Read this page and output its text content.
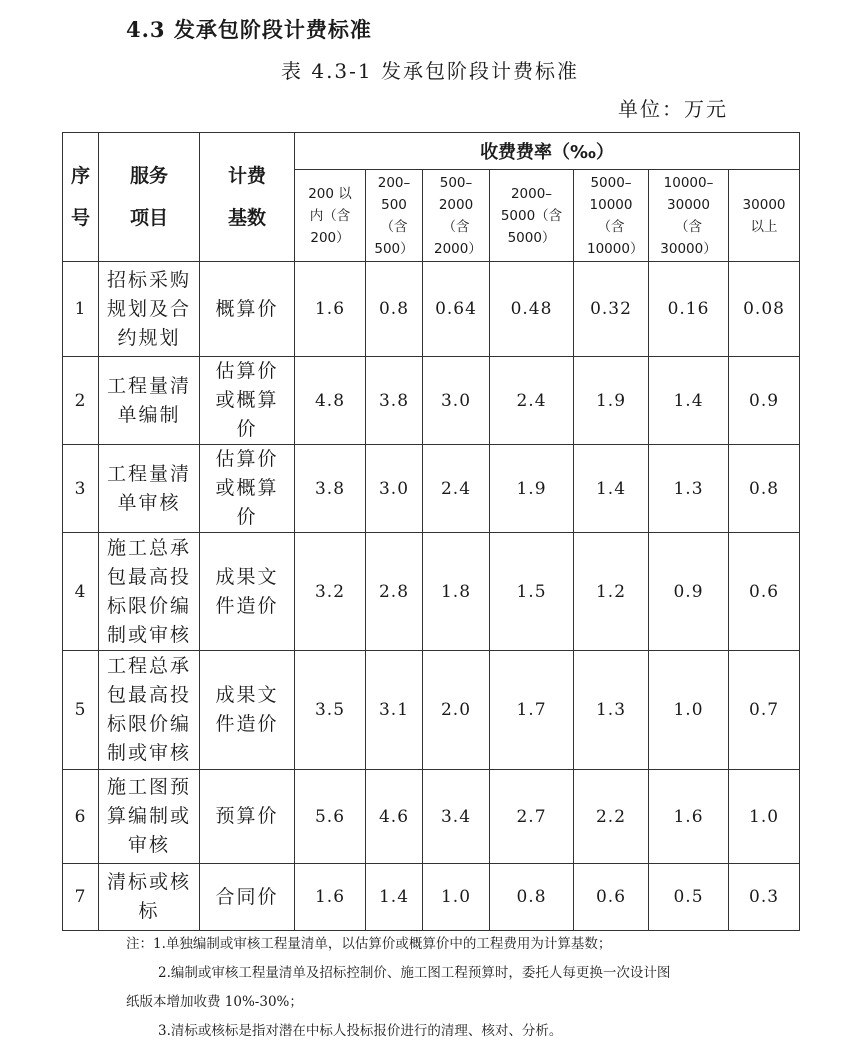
4.3 发承包阶段计费标准
表 4.3-1 发承包阶段计费标准
单位：万元
序号	服务项目	计费基数	收费费率（‰）						
			200 以内（含200）	200–500（含500）	500–2000（含2000）	2000–5000（含5000）	5000–10000（含10000）	10000–30000（含30000）	30000以上
1	招标采购规划及合约规划	概算价	1.6	0.8	0.64	0.48	0.32	0.16	0.08
2	工程量清单编制	估算价或概算价	4.8	3.8	3.0	2.4	1.9	1.4	0.9
3	工程量清单审核	估算价或概算价	3.8	3.0	2.4	1.9	1.4	1.3	0.8
4	施工总承包最高投标限价编制或审核	成果文件造价	3.2	2.8	1.8	1.5	1.2	0.9	0.6
5	工程总承包最高投标限价编制或审核	成果文件造价	3.5	3.1	2.0	1.7	1.3	1.0	0.7
6	施工图预算编制或审核	预算价	5.6	4.6	3.4	2.7	2.2	1.6	1.0
7	清标或核标	合同价	1.6	1.4	1.0	0.8	0.6	0.5	0.3
注：1.单独编制或审核工程量清单，以估算价或概算价中的工程费用为计算基数；
2.编制或审核工程量清单及招标控制价、施工图工程预算时，委托人每更换一次设计图
纸版本增加收费 10%-30%；
3.清标或核标是指对潜在中标人投标报价进行的清理、核对、分析。
